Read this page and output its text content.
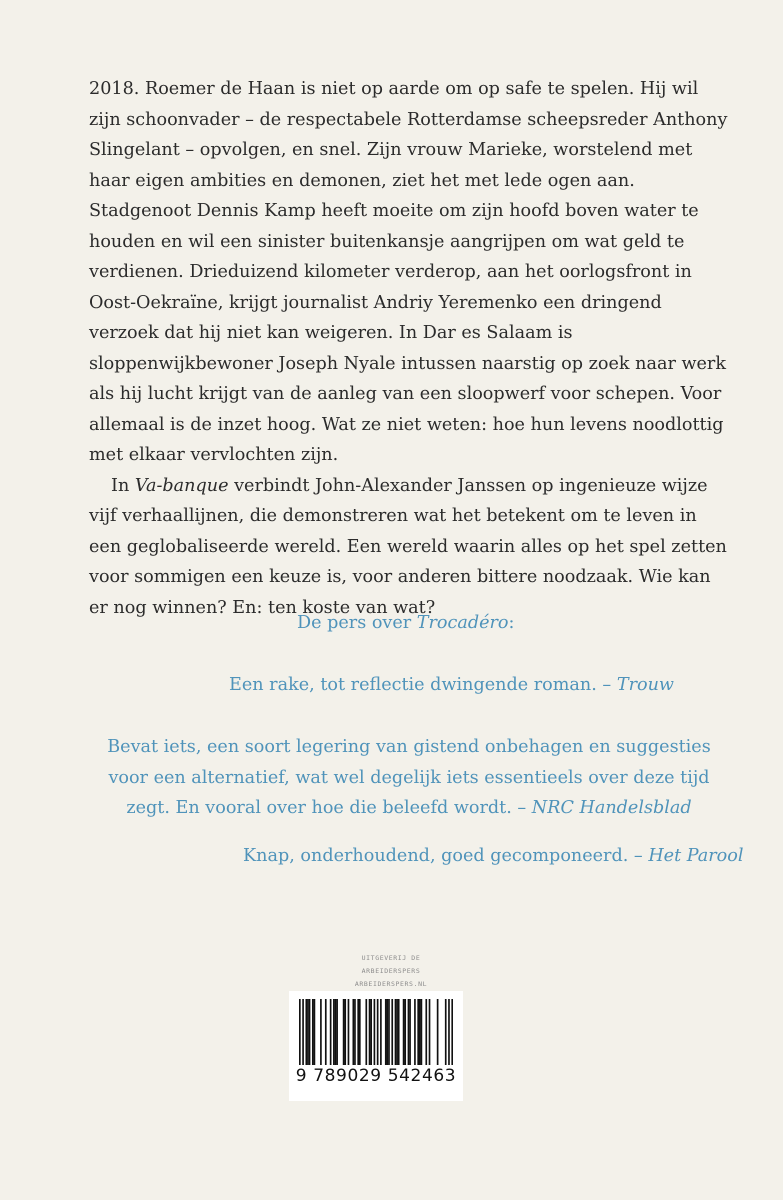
2018. Roemer de Haan is niet op aarde om op safe te spelen. Hij wil zijn schoonvader – de respectabele Rotterdamse scheepsreder Anthony Slingelant – opvolgen, en snel. Zijn vrouw Marieke, worstelend met haar eigen ambities en demonen, ziet het met lede ogen aan. Stadgenoot Dennis Kamp heeft moeite om zijn hoofd boven water te houden en wil een sinister buitenkansje aangrijpen om wat geld te verdienen. Drieduizend kilometer verderop, aan het oorlogsfront in Oost-Oekraïne, krijgt journalist Andriy Yeremenko een dringend verzoek dat hij niet kan weigeren. In Dar es Salaam is sloppenwijkbewoner Joseph Nyale intussen naarstig op zoek naar werk als hij lucht krijgt van de aanleg van een sloopwerf voor schepen. Voor allemaal is de inzet hoog. Wat ze niet weten: hoe hun levens noodlottig met elkaar vervlochten zijn.

In Va-banque verbindt John-Alexander Janssen op ingenieuze wijze vijf verhaallijnen, die demonstreren wat het betekent om te leven in een geglobaliseerde wereld. Een wereld waarin alles op het spel zetten voor sommigen een keuze is, voor anderen bittere noodzaak. Wie kan er nog winnen? En: ten koste van wat?

De pers over Trocadéro:
Een rake, tot reflectie dwingende roman. – Trouw
Bevat iets, een soort legering van gistend onbehagen en suggesties voor een alternatief, wat wel degelijk iets essentieels over deze tijd zegt. En vooral over hoe die beleefd wordt. – NRC Handelsblad
Knap, onderhoudend, goed gecomponeerd. – Het Parool
UITGEVERIJ DE ARBEIDERSPERS
ARBEIDERSPERS.NL
9 789029 542463
